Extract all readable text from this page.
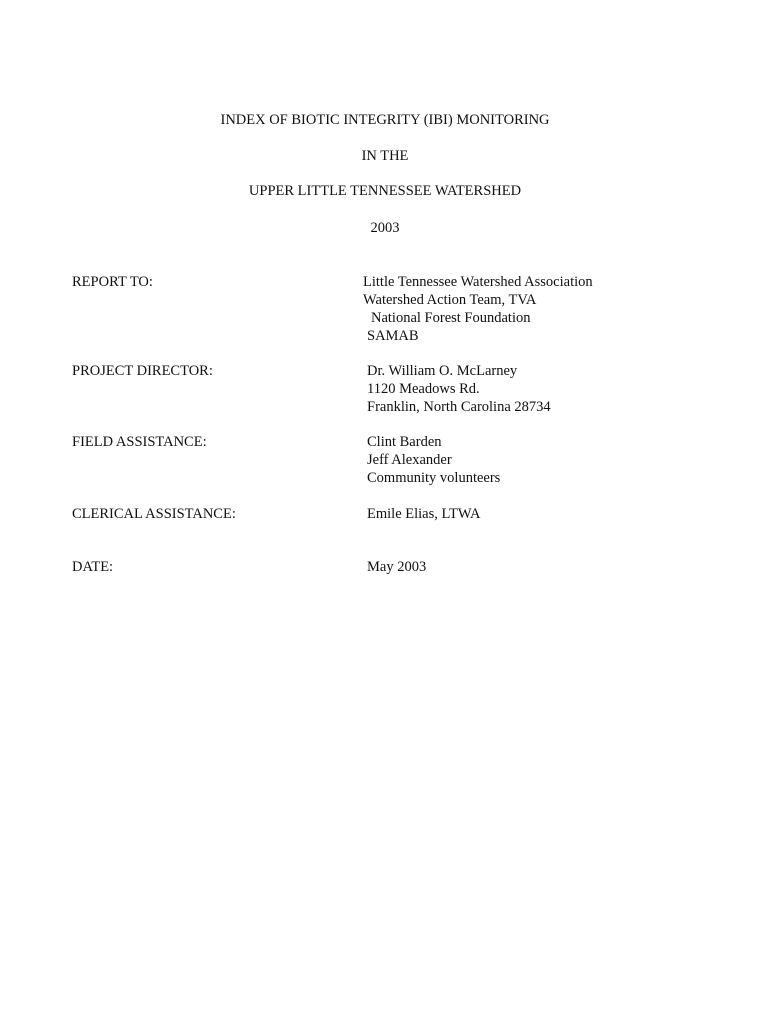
INDEX OF BIOTIC INTEGRITY (IBI) MONITORING
IN THE
UPPER LITTLE TENNESSEE WATERSHED
2003
REPORT TO:	Little Tennessee Watershed Association
Watershed Action Team, TVA
National Forest Foundation
SAMAB
PROJECT DIRECTOR:	Dr. William O. McLarney
1120 Meadows Rd.
Franklin, North Carolina 28734
FIELD ASSISTANCE:	Clint Barden
Jeff Alexander
Community volunteers
CLERICAL ASSISTANCE:	Emile Elias, LTWA
DATE:	May 2003
